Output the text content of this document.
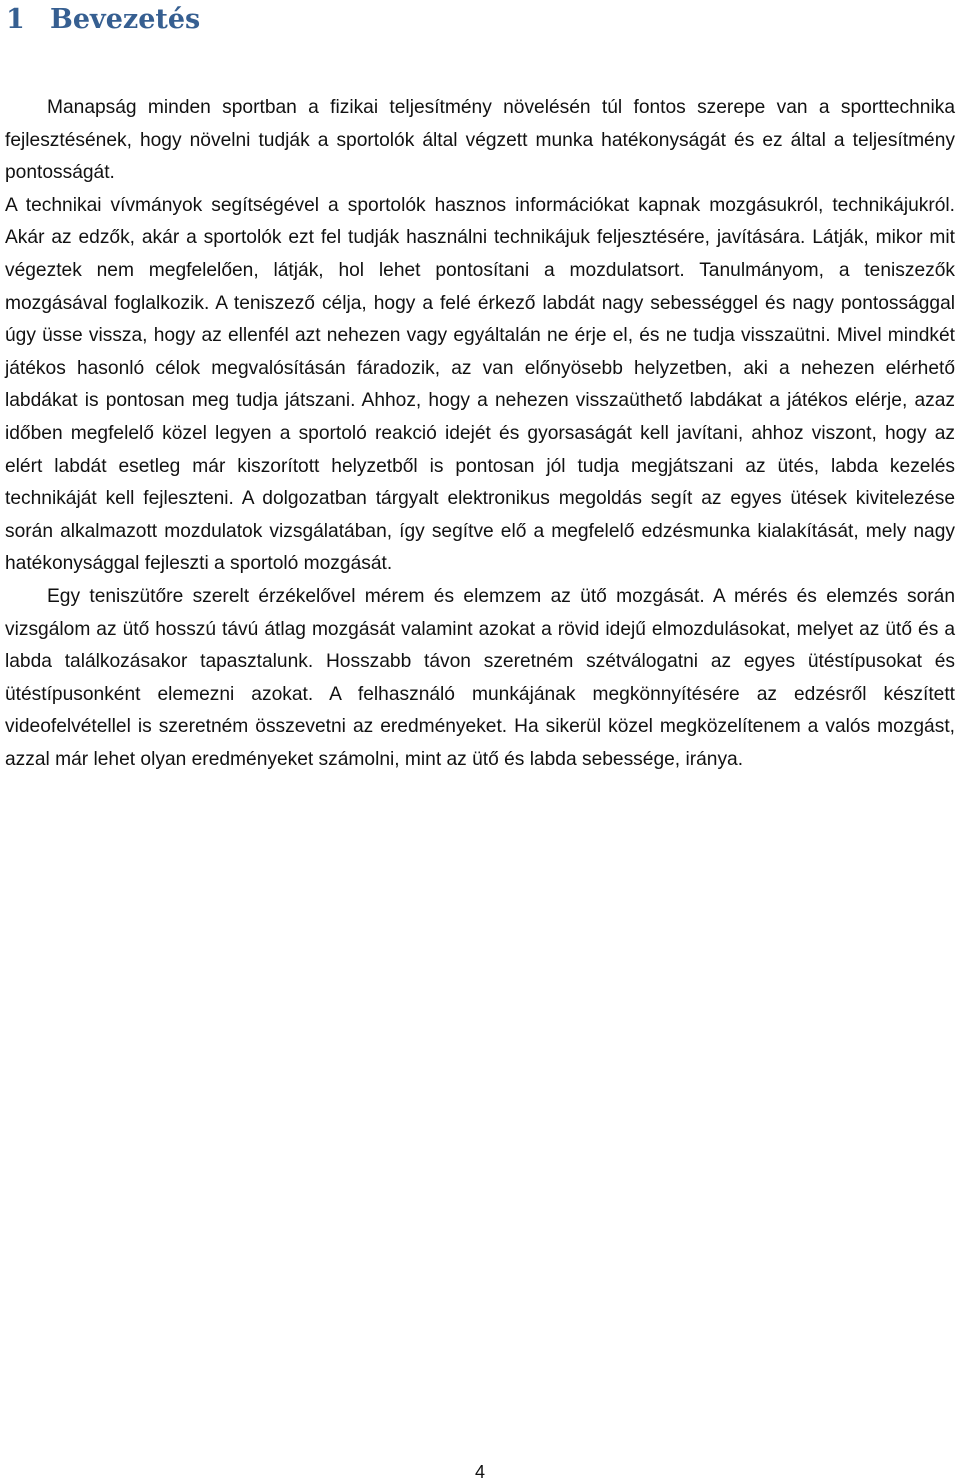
1 Bevezetés

Manapság minden sportban a fizikai teljesítmény növelésén túl fontos szerepe van a sporttechnika fejlesztésének, hogy növelni tudják a sportolók által végzett munka hatékonyságát és ez által a teljesítmény pontosságát.

A technikai vívmányok segítségével a sportolók hasznos információkat kapnak mozgásukról, technikájukról. Akár az edzők, akár a sportolók ezt fel tudják használni technikájuk feljesztésére, javítására. Látják, mikor mit végeztek nem megfelelően, látják, hol lehet pontosítani a mozdulatsort. Tanulmányom, a teniszezők mozgásával foglalkozik. A teniszező célja, hogy a felé érkező labdát nagy sebességgel és nagy pontossággal úgy üsse vissza, hogy az ellenfél azt nehezen vagy egyáltalán ne érje el, és ne tudja visszaütni. Mivel mindkét játékos hasonló célok megvalósításán fáradozik, az van előnyösebb helyzetben, aki a nehezen elérhető labdákat is pontosan meg tudja játszani. Ahhoz, hogy a nehezen visszaüthető labdákat a játékos elérje, azaz időben megfelelő közel legyen a sportoló reakció idejét és gyorsaságát kell javítani, ahhoz viszont, hogy az elért labdát esetleg már kiszorított helyzetből is pontosan jól tudja megjátszani az ütés, labda kezelés technikáját kell fejleszteni. A dolgozatban tárgyalt elektronikus megoldás segít az egyes ütések kivitelezése során alkalmazott mozdulatok vizsgálatában, így segítve elő a megfelelő edzésmunka kialakítását, mely nagy hatékonysággal fejleszti a sportoló mozgását.

Egy teniszütőre szerelt érzékelővel mérem és elemzem az ütő mozgását. A mérés és elemzés során vizsgálom az ütő hosszú távú átlag mozgását valamint azokat a rövid idejű elmozdulásokat, melyet az ütő és a labda találkozásakor tapasztalunk. Hosszabb távon szeretném szétválogatni az egyes ütéstípusokat és ütéstípusonként elemezni azokat. A felhasználó munkájának megkönnyítésére az edzésről készített videofelvétellel is szeretném összevetni az eredményeket. Ha sikerül közel megközelítenem a valós mozgást, azzal már lehet olyan eredményeket számolni, mint az ütő és labda sebessége, iránya.

4
